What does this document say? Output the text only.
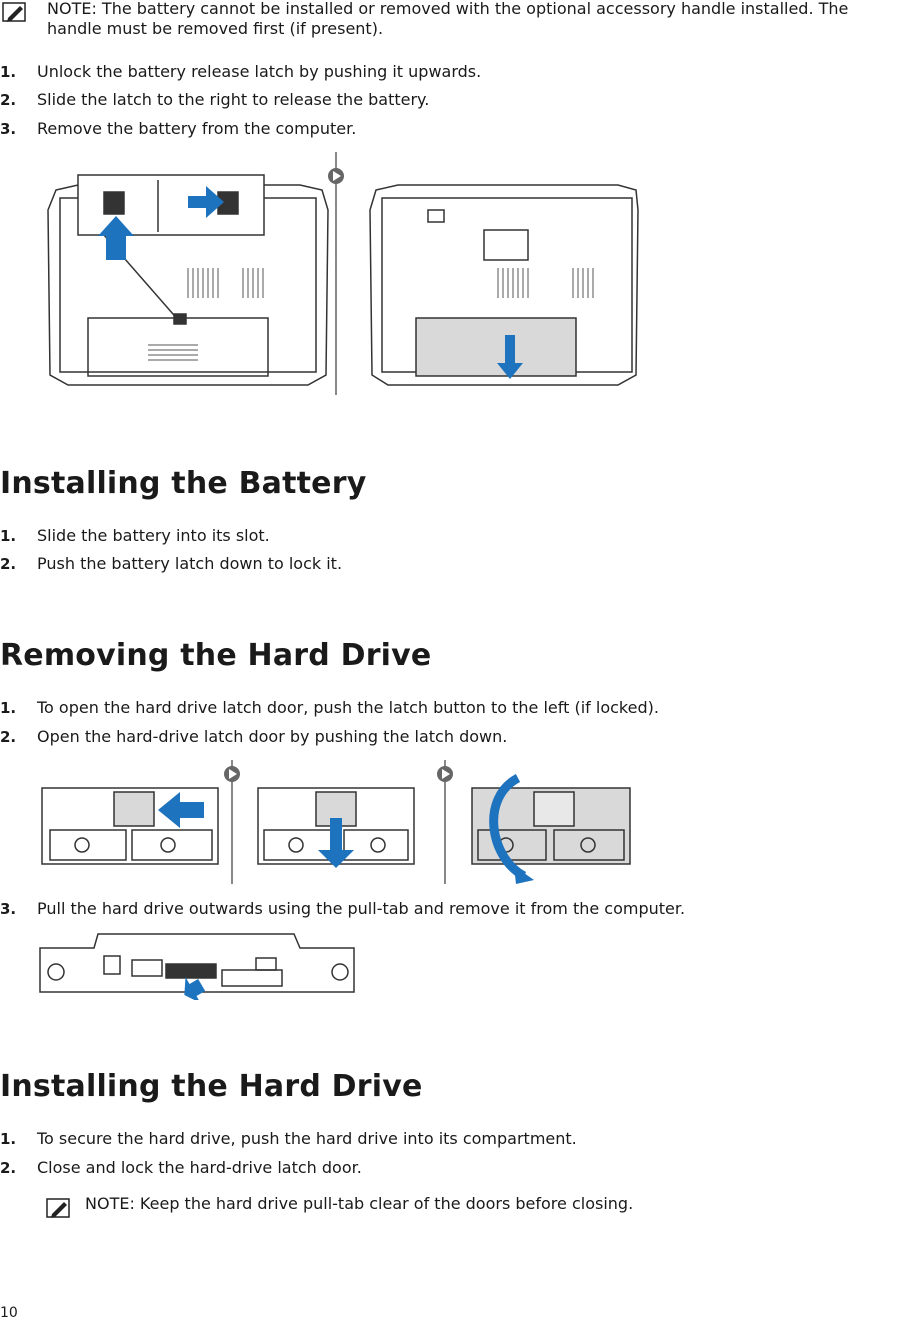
NOTE: The battery cannot be installed or removed with the optional accessory handle installed. The handle must be removed first (if present).
1. Unlock the battery release latch by pushing it upwards.
2. Slide the latch to the right to release the battery.
3. Remove the battery from the computer.
Installing the Battery
1. Slide the battery into its slot.
2. Push the battery latch down to lock it.
Removing the Hard Drive
1. To open the hard drive latch door, push the latch button to the left (if locked).
2. Open the hard-drive latch door by pushing the latch down.
3. Pull the hard drive outwards using the pull-tab and remove it from the computer.
Installing the Hard Drive
1. To secure the hard drive, push the hard drive into its compartment.
2. Close and lock the hard-drive latch door.
NOTE: Keep the hard drive pull-tab clear of the doors before closing.
10
